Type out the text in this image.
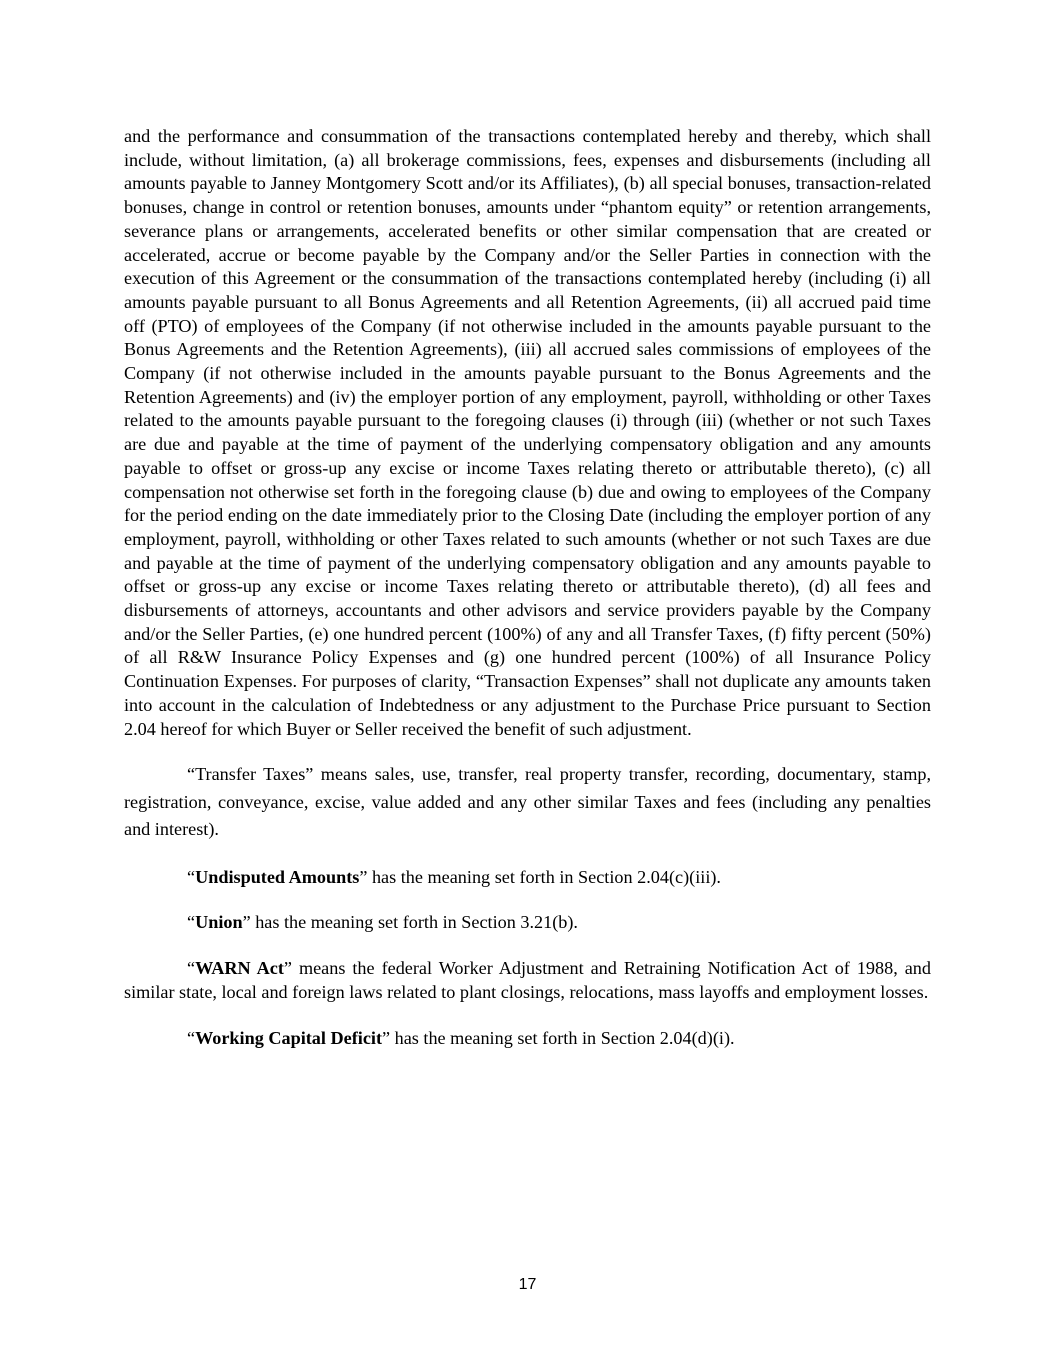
and the performance and consummation of the transactions contemplated hereby and thereby, which shall include, without limitation, (a) all brokerage commissions, fees, expenses and disbursements (including all amounts payable to Janney Montgomery Scott and/or its Affiliates), (b) all special bonuses, transaction-related bonuses, change in control or retention bonuses, amounts under “phantom equity” or retention arrangements, severance plans or arrangements, accelerated benefits or other similar compensation that are created or accelerated, accrue or become payable by the Company and/or the Seller Parties in connection with the execution of this Agreement or the consummation of the transactions contemplated hereby (including (i) all amounts payable pursuant to all Bonus Agreements and all Retention Agreements, (ii) all accrued paid time off (PTO) of employees of the Company (if not otherwise included in the amounts payable pursuant to the Bonus Agreements and the Retention Agreements), (iii) all accrued sales commissions of employees of the Company (if not otherwise included in the amounts payable pursuant to the Bonus Agreements and the Retention Agreements) and (iv) the employer portion of any employment, payroll, withholding or other Taxes related to the amounts payable pursuant to the foregoing clauses (i) through (iii) (whether or not such Taxes are due and payable at the time of payment of the underlying compensatory obligation and any amounts payable to offset or gross-up any excise or income Taxes relating thereto or attributable thereto), (c) all compensation not otherwise set forth in the foregoing clause (b) due and owing to employees of the Company for the period ending on the date immediately prior to the Closing Date (including the employer portion of any employment, payroll, withholding or other Taxes related to such amounts (whether or not such Taxes are due and payable at the time of payment of the underlying compensatory obligation and any amounts payable to offset or gross-up any excise or income Taxes relating thereto or attributable thereto), (d) all fees and disbursements of attorneys, accountants and other advisors and service providers payable by the Company and/or the Seller Parties, (e) one hundred percent (100%) of any and all Transfer Taxes, (f) fifty percent (50%) of all R&W Insurance Policy Expenses and (g) one hundred percent (100%) of all Insurance Policy Continuation Expenses. For purposes of clarity, “Transaction Expenses” shall not duplicate any amounts taken into account in the calculation of Indebtedness or any adjustment to the Purchase Price pursuant to Section 2.04 hereof for which Buyer or Seller received the benefit of such adjustment.

“Transfer Taxes” means sales, use, transfer, real property transfer, recording, documentary, stamp, registration, conveyance, excise, value added and any other similar Taxes and fees (including any penalties and interest).

“Undisputed Amounts” has the meaning set forth in Section 2.04(c)(iii).

“Union” has the meaning set forth in Section 3.21(b).

“WARN Act” means the federal Worker Adjustment and Retraining Notification Act of 1988, and similar state, local and foreign laws related to plant closings, relocations, mass layoffs and employment losses.

“Working Capital Deficit” has the meaning set forth in Section 2.04(d)(i).

17
